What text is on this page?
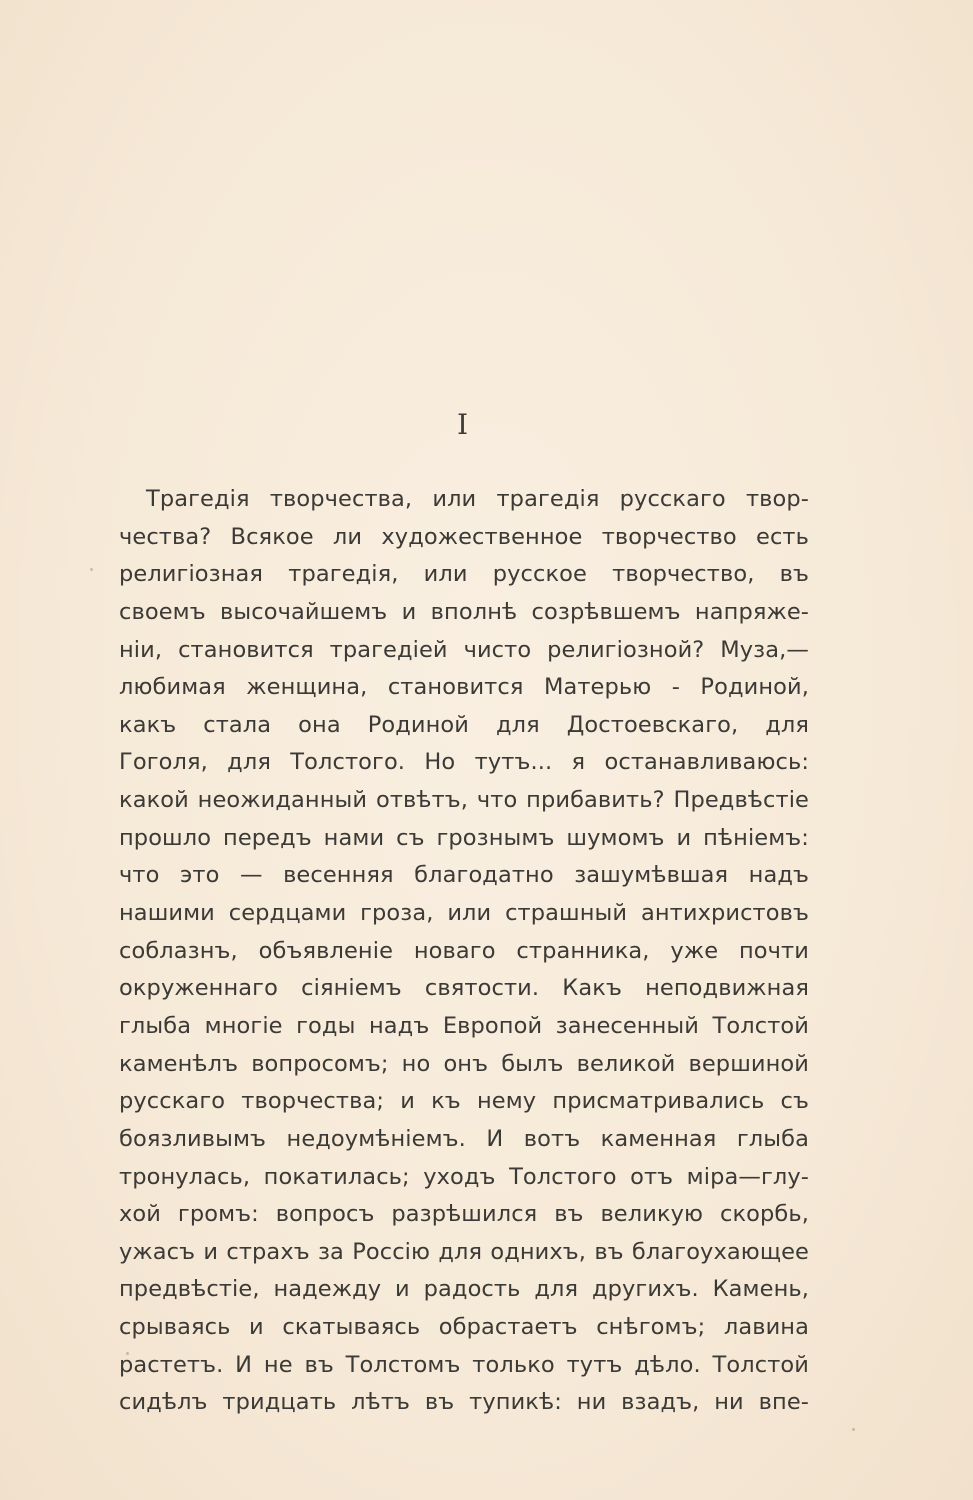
I
Трагедія творчества, или трагедія русскаго твор-
чества? Всякое ли художественное творчество есть
религіозная трагедія, или русское творчество, въ
своемъ высочайшемъ и вполнѣ созрѣвшемъ напряже-
ніи, становится трагедіей чисто религіозной? Муза,—
любимая женщина, становится Матерью - Родиной,
какъ стала она Родиной для Достоевскаго, для
Гоголя, для Толстого. Но тутъ... я останавливаюсь:
какой неожиданный отвѣтъ, что прибавить? Предвѣстіе
прошло передъ нами съ грознымъ шумомъ и пѣніемъ:
что это — весенняя благодатно зашумѣвшая надъ
нашими сердцами гроза, или страшный антихристовъ
соблазнъ, объявленіе новаго странника, уже почти
окруженнаго сіяніемъ святости. Какъ неподвижная
глыба многіе годы надъ Европой занесенный Толстой
каменѣлъ вопросомъ; но онъ былъ великой вершиной
русскаго творчества; и къ нему присматривались съ
боязливымъ недоумѣніемъ. И вотъ каменная глыба
тронулась, покатилась; уходъ Толстого отъ міра—глу-
хой громъ: вопросъ разрѣшился въ великую скорбь,
ужасъ и страхъ за Россію для однихъ, въ благоухающее
предвѣстіе, надежду и радость для другихъ. Камень,
срываясь и скатываясь обрастаетъ снѣгомъ; лавина
растетъ. И не въ Толстомъ только тутъ дѣло. Толстой
сидѣлъ тридцать лѣтъ въ тупикѣ: ни взадъ, ни впе-
